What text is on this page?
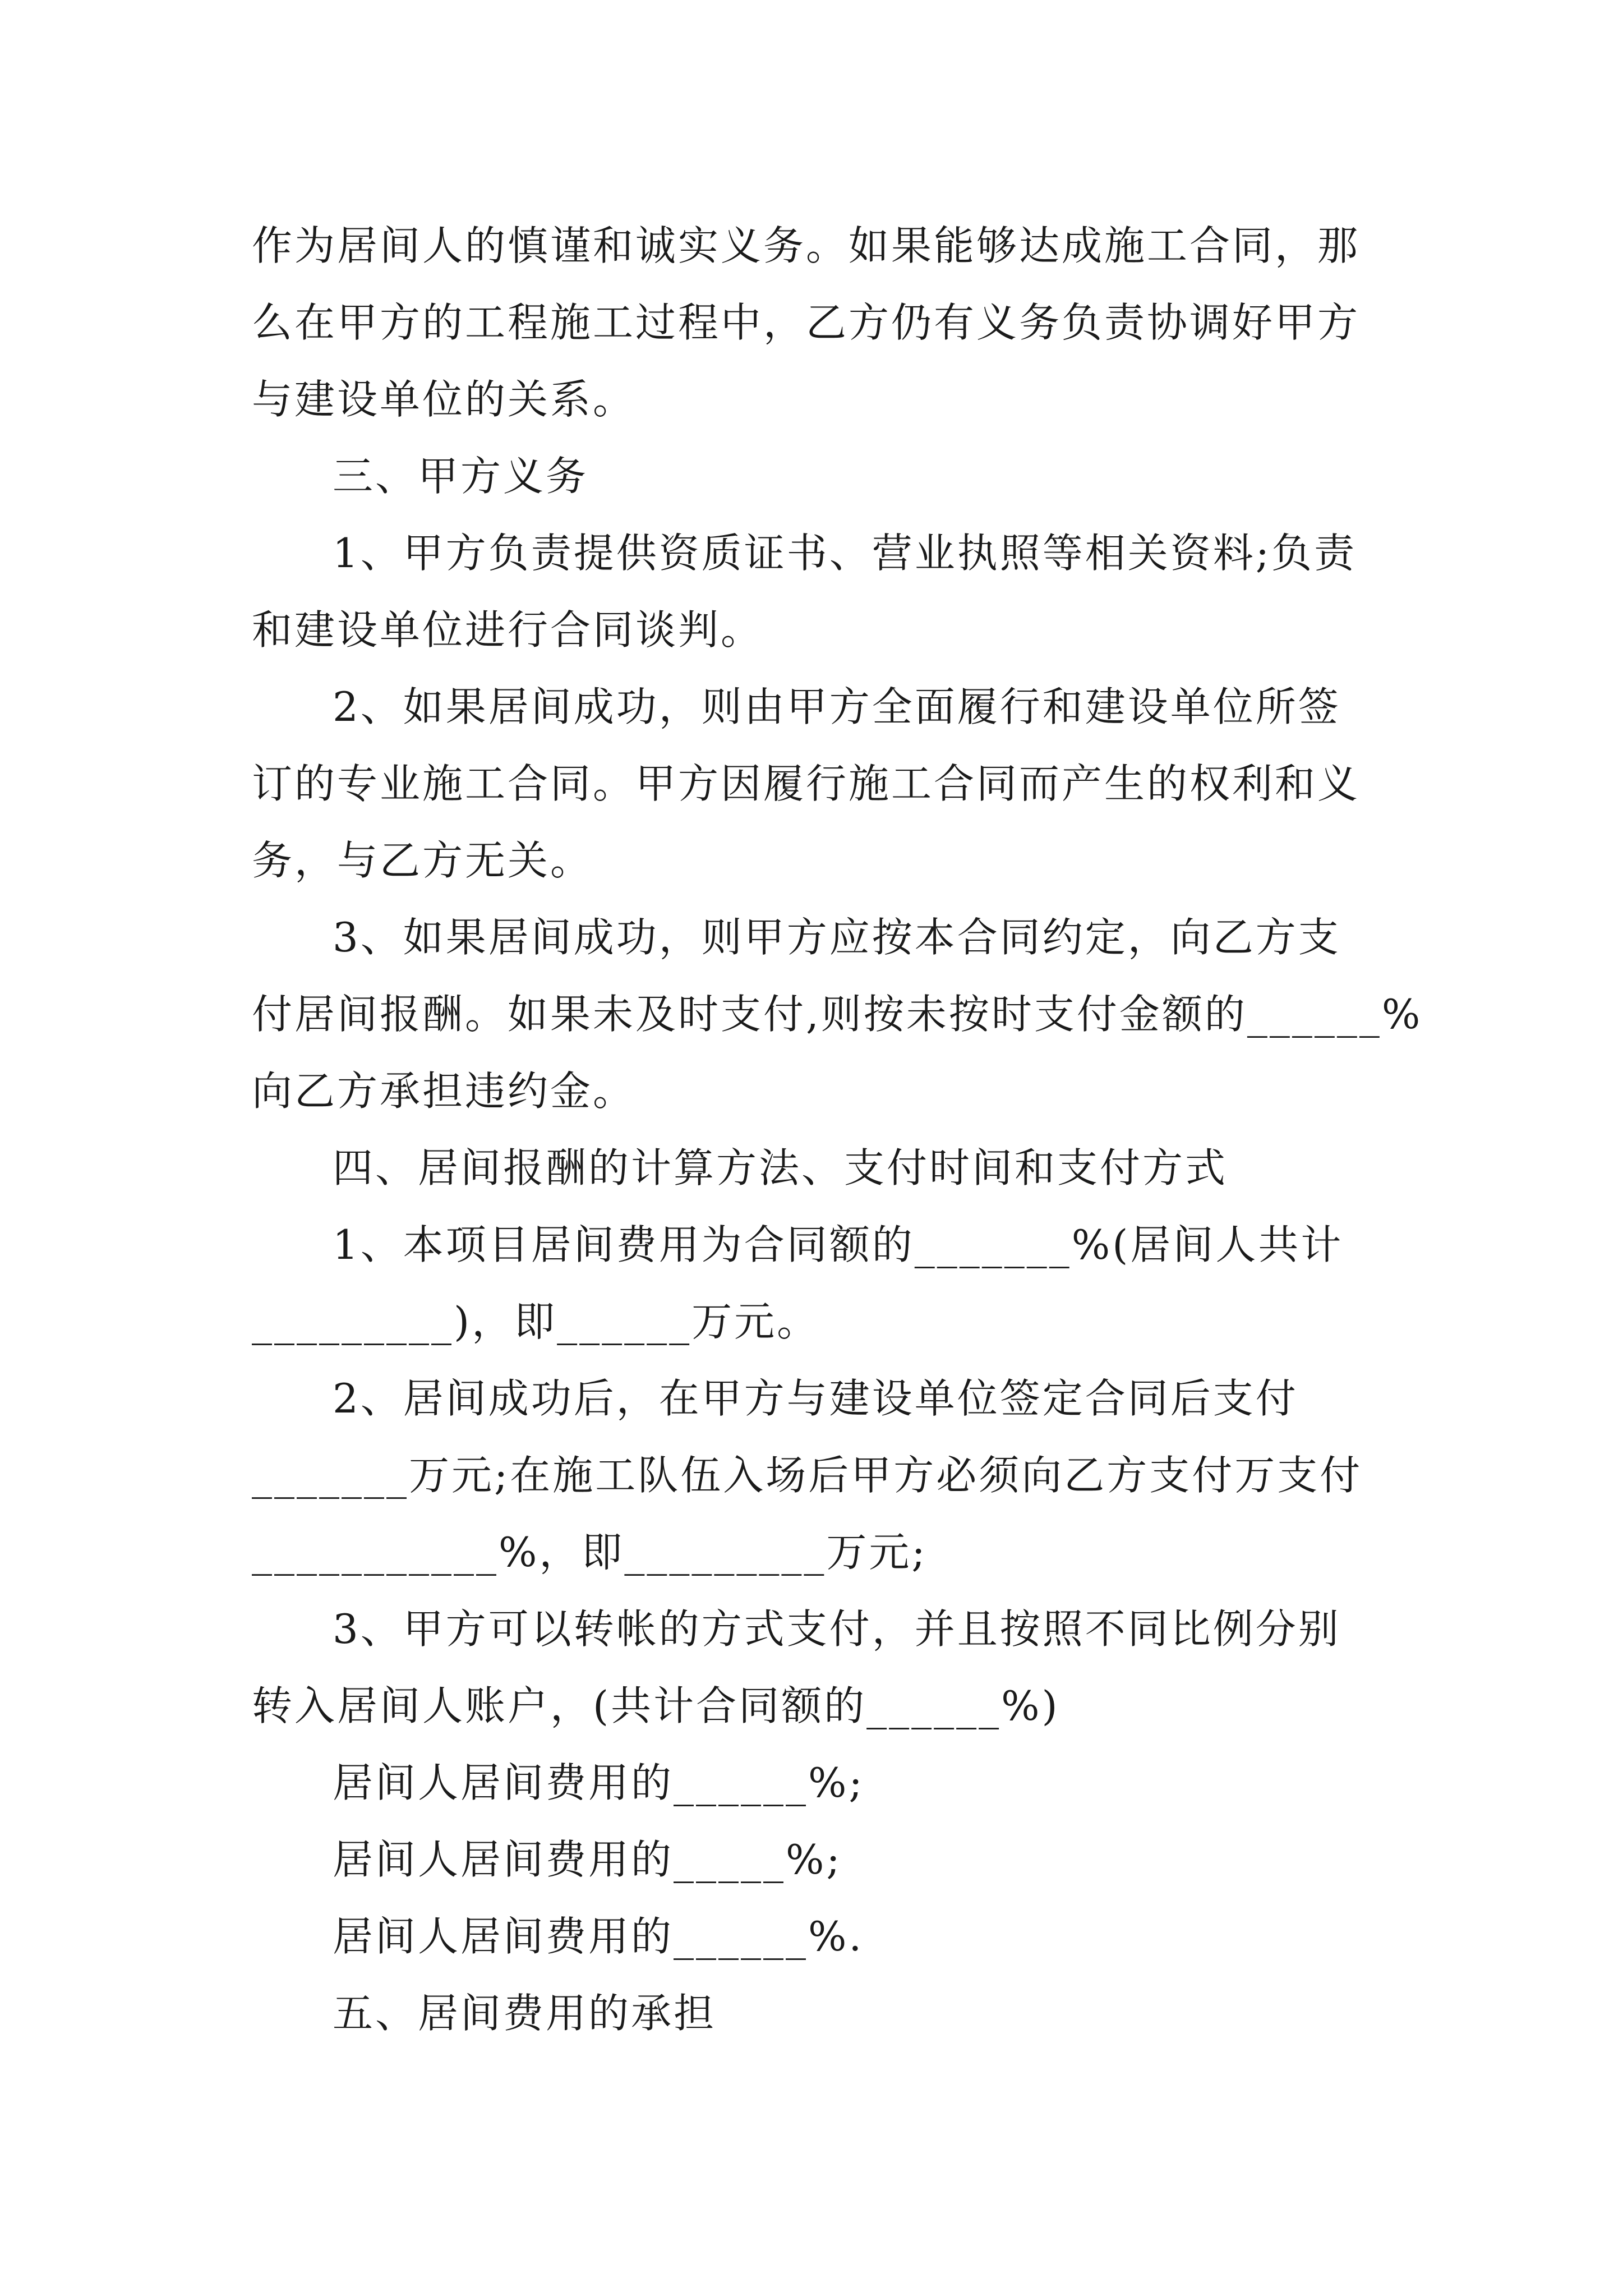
作为居间人的慎谨和诚实义务。如果能够达成施工合同，那
么在甲方的工程施工过程中，乙方仍有义务负责协调好甲方
与建设单位的关系。
三、甲方义务
1、甲方负责提供资质证书、营业执照等相关资料;负责
和建设单位进行合同谈判。
2、如果居间成功，则由甲方全面履行和建设单位所签
订的专业施工合同。甲方因履行施工合同而产生的权利和义
务，与乙方无关。
3、如果居间成功，则甲方应按本合同约定，向乙方支
付居间报酬。如果未及时支付,则按未按时支付金额的______%
向乙方承担违约金。
四、居间报酬的计算方法、支付时间和支付方式
1、本项目居间费用为合同额的_______%(居间人共计
_________)，即______万元。
2、居间成功后，在甲方与建设单位签定合同后支付
_______万元;在施工队伍入场后甲方必须向乙方支付万支付
___________%，即_________万元;
3、甲方可以转帐的方式支付，并且按照不同比例分别
转入居间人账户，(共计合同额的______%)
居间人居间费用的______%;
居间人居间费用的_____%;
居间人居间费用的______%.
五、居间费用的承担
